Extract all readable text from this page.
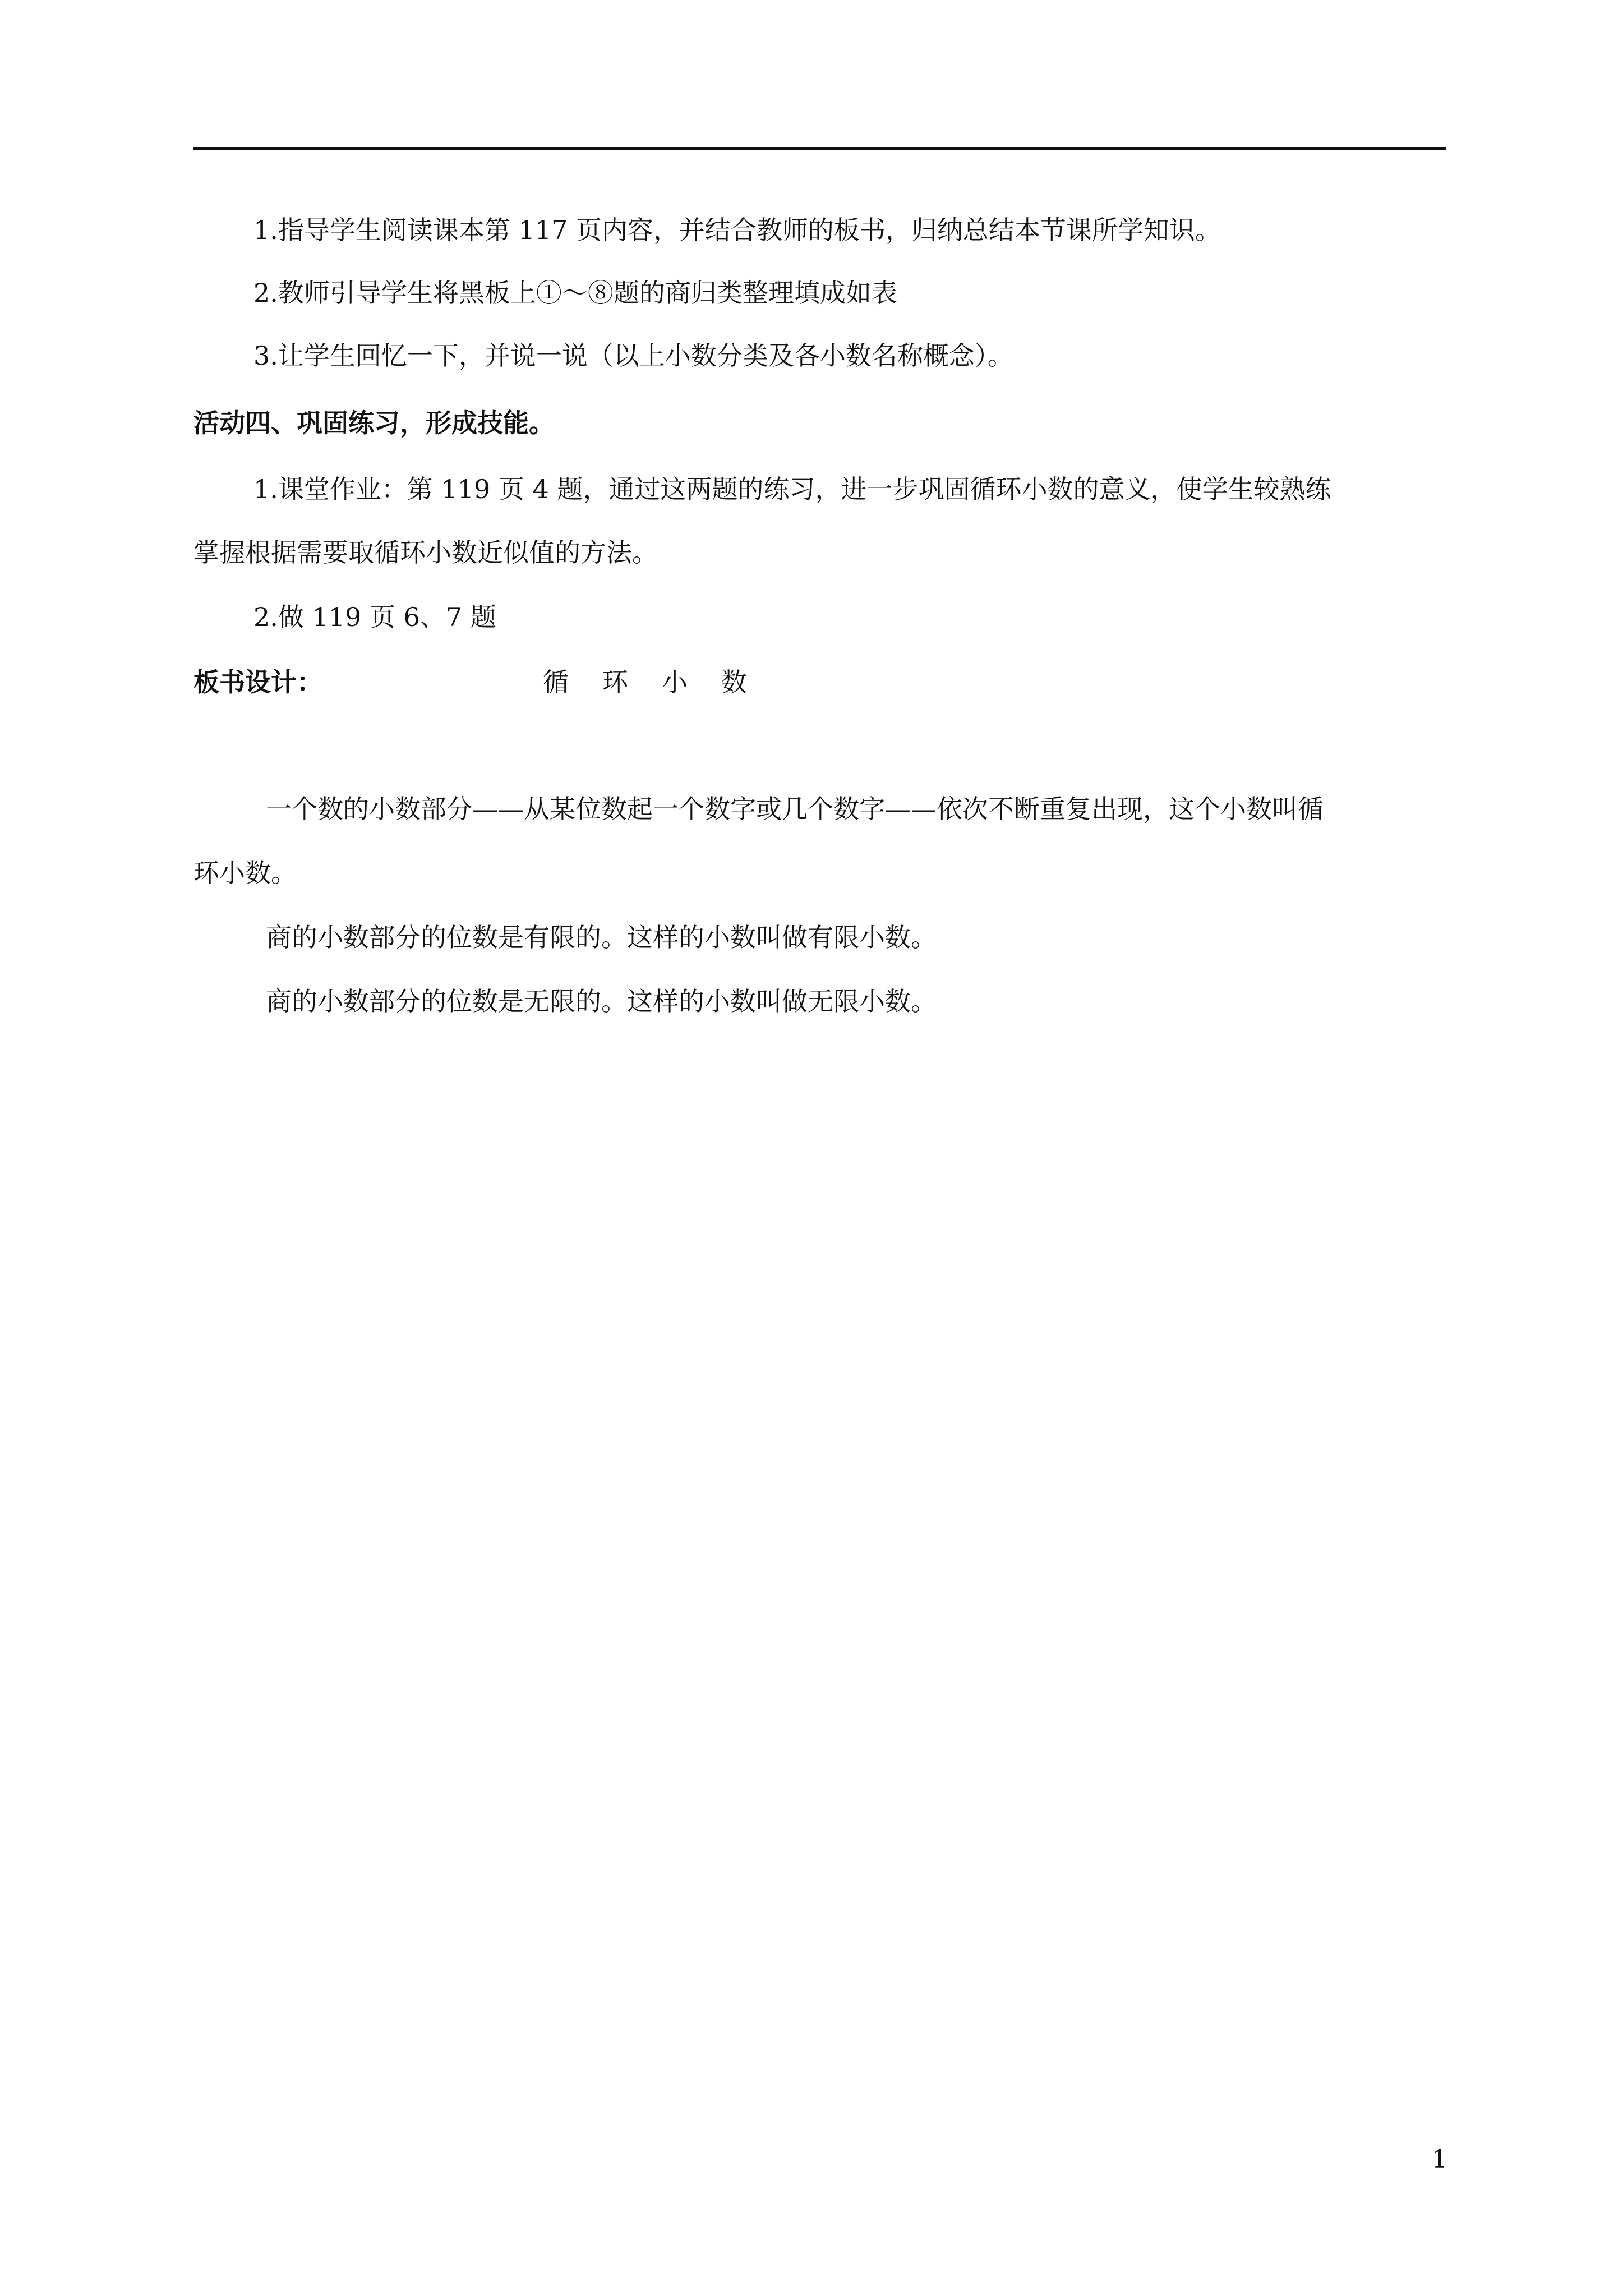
1.指导学生阅读课本第 117 页内容，并结合教师的板书，归纳总结本节课所学知识。
2.教师引导学生将黑板上①～⑧题的商归类整理填成如表
3.让学生回忆一下，并说一说（以上小数分类及各小数名称概念）。
活动四、巩固练习，形成技能。
1.课堂作业：第 119 页 4 题，通过这两题的练习，进一步巩固循环小数的意义，使学生较熟练
掌握根据需要取循环小数近似值的方法。
2.做 119 页 6、7 题
板书设计：	循环小数
一个数的小数部分——从某位数起一个数字或几个数字——依次不断重复出现，这个小数叫循
环小数。
商的小数部分的位数是有限的。这样的小数叫做有限小数。
商的小数部分的位数是无限的。这样的小数叫做无限小数。
1
